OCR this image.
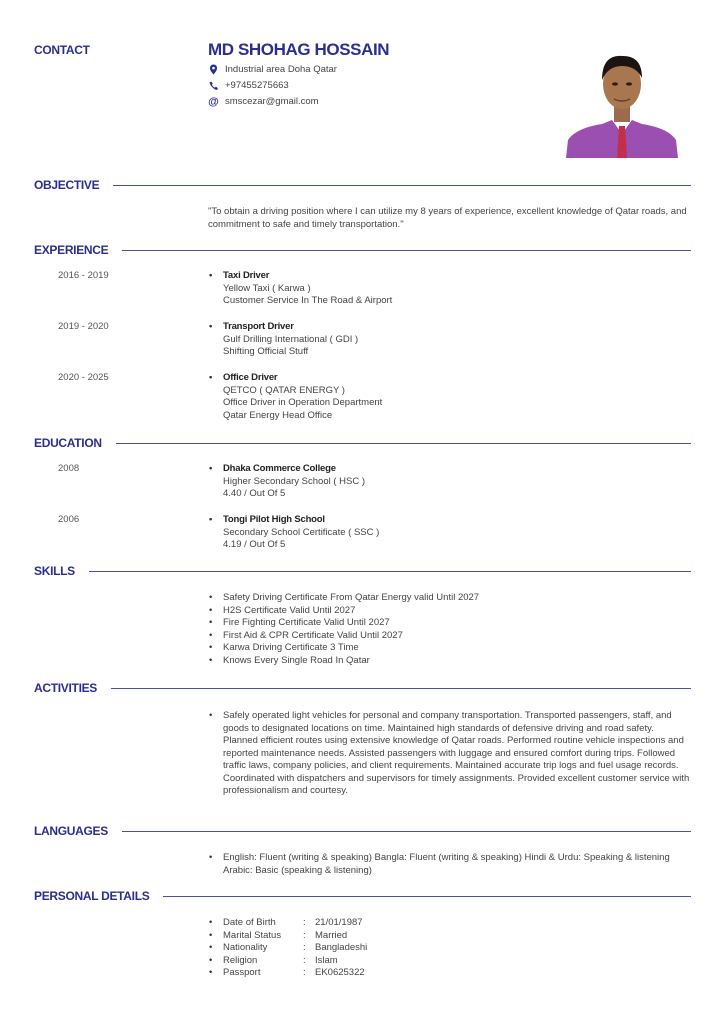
CONTACT	MD SHOHAG HOSSAIN
Industrial area Doha Qatar
+97455275663
@ smscezar@gmail.com
OBJECTIVE
"To obtain a driving position where I can utilize my 8 years of experience, excellent knowledge of Qatar roads, and commitment to safe and timely transportation."
EXPERIENCE
2016 - 2019	• Taxi Driver
Yellow Taxi ( Karwa )
Customer Service In The Road & Airport
2019 - 2020	• Transport Driver
Gulf Drilling International ( GDI )
Shifting Official Stuff
2020 - 2025	• Office Driver
QETCO ( QATAR ENERGY )
Office Driver in Operation Department
Qatar Energy Head Office
EDUCATION
2008	• Dhaka Commerce College
Higher Secondary School ( HSC )
4.40 / Out Of 5
2006	• Tongi Pilot High School
Secondary School Certificate ( SSC )
4.19 / Out Of 5
SKILLS
• Safety Driving Certificate From Qatar Energy valid Until 2027
• H2S Certificate Valid Until 2027
• Fire Fighting Certificate Valid Until 2027
• First Aid & CPR Certificate Valid Until 2027
• Karwa Driving Certificate 3 Time
• Knows Every Single Road In Qatar
ACTIVITIES
• Safely operated light vehicles for personal and company transportation. Transported passengers, staff, and goods to designated locations on time. Maintained high standards of defensive driving and road safety. Planned efficient routes using extensive knowledge of Qatar roads. Performed routine vehicle inspections and reported maintenance needs. Assisted passengers with luggage and ensured comfort during trips. Followed traffic laws, company policies, and client requirements. Maintained accurate trip logs and fuel usage records. Coordinated with dispatchers and supervisors for timely assignments. Provided excellent customer service with professionalism and courtesy.
LANGUAGES
• English: Fluent (writing & speaking) Bangla: Fluent (writing & speaking) Hindi & Urdu: Speaking & listening Arabic: Basic (speaking & listening)
PERSONAL DETAILS
• Date of Birth	: 21/01/1987
• Marital Status	: Married
• Nationality	: Bangladeshi
• Religion	: Islam
• Passport	: EK0625322
